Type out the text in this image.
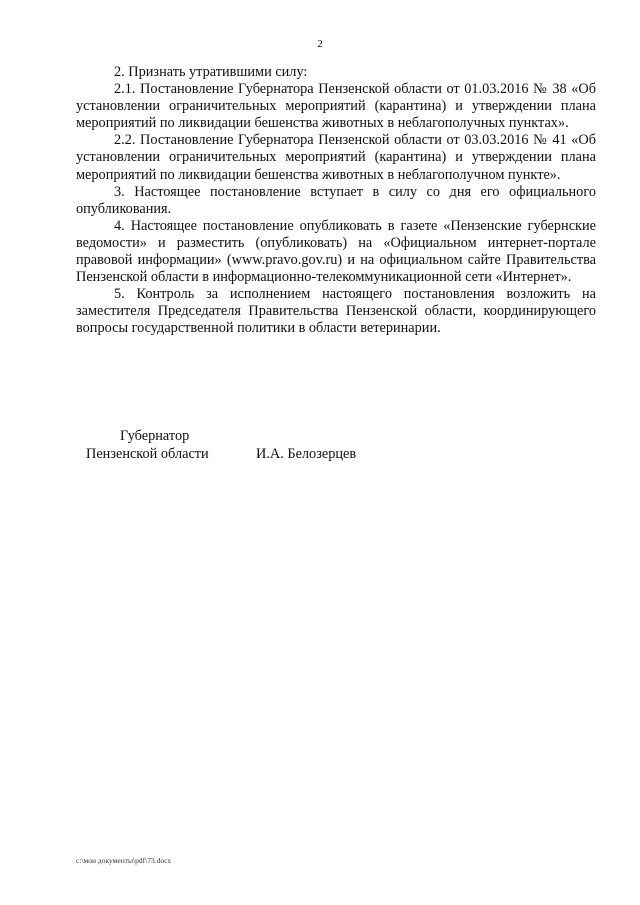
2

2. Признать утратившими силу:

2.1. Постановление Губернатора Пензенской области от 01.03.2016 № 38 «Об установлении ограничительных мероприятий (карантина) и утверждении плана мероприятий по ликвидации бешенства животных в неблагополучных пунктах».

2.2. Постановление Губернатора Пензенской области от 03.03.2016 № 41 «Об установлении ограничительных мероприятий (карантина) и утверждении плана мероприятий по ликвидации бешенства животных в неблагополучном пункте».

3. Настоящее постановление вступает в силу со дня его официального опубликования.

4. Настоящее постановление опубликовать в газете «Пензенские губернские ведомости» и разместить (опубликовать) на «Официальном интернет-портале правовой информации» (www.pravo.gov.ru) и на официальном сайте Правительства Пензенской области в информационно-телекоммуникационной сети «Интернет».

5. Контроль за исполнением настоящего постановления возложить на заместителя Председателя Правительства Пензенской области, координирующего вопросы государственной политики в области ветеринарии.

Губернатор
Пензенской области	И.А. Белозерцев
c:\мои документы\pdf\73.docx
